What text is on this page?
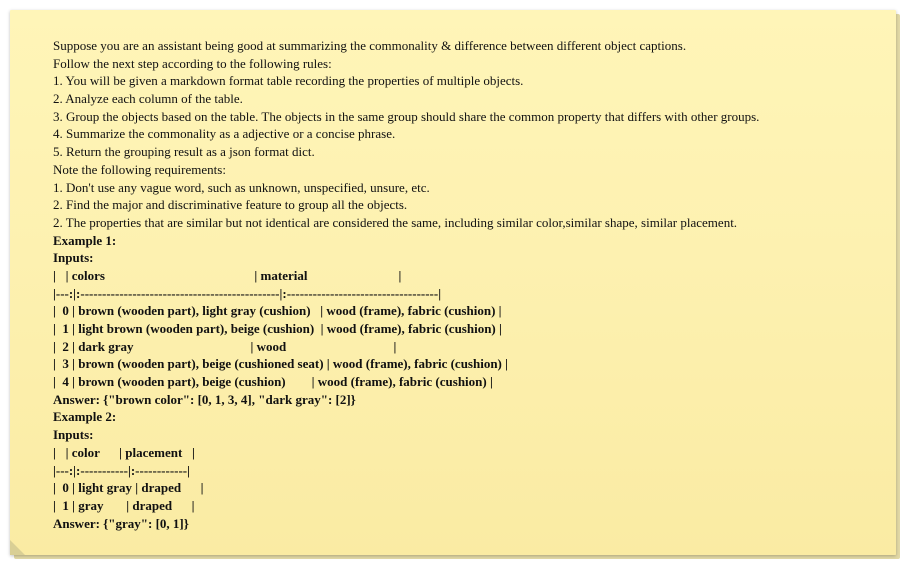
Suppose you are an assistant being good at summarizing the commonality & difference between different object captions.
Follow the next step according to the following rules:
1. You will be given a markdown format table recording the properties of multiple objects.
2. Analyze each column of the table.
3. Group the objects based on the table. The objects in the same group should share the common property that differs with other groups.
4. Summarize the commonality as a adjective or a concise phrase.
5. Return the grouping result as a json format dict.
Note the following requirements:
1. Don't use any vague word, such as unknown, unspecified, unsure, etc.
2. Find the major and discriminative feature to group all the objects.
2. The properties that are similar but not identical are considered the same, including similar color,similar shape, similar placement.
Example 1:
Inputs:
|   | colors                                              | material                            |
|---:|:----------------------------------------------|:-----------------------------------|
|  0 | brown (wooden part), light gray (cushion)   | wood (frame), fabric (cushion) |
|  1 | light brown (wooden part), beige (cushion)  | wood (frame), fabric (cushion) |
|  2 | dark gray                                    | wood                                 |
|  3 | brown (wooden part), beige (cushioned seat) | wood (frame), fabric (cushion) |
|  4 | brown (wooden part), beige (cushion)        | wood (frame), fabric (cushion) |
Answer: {"brown color": [0, 1, 3, 4], "dark gray": [2]}
Example 2:
Inputs:
|   | color      | placement   |
|---:|:-----------|:------------|
|  0 | light gray | draped      |
|  1 | gray       | draped      |
Answer: {"gray": [0, 1]}
